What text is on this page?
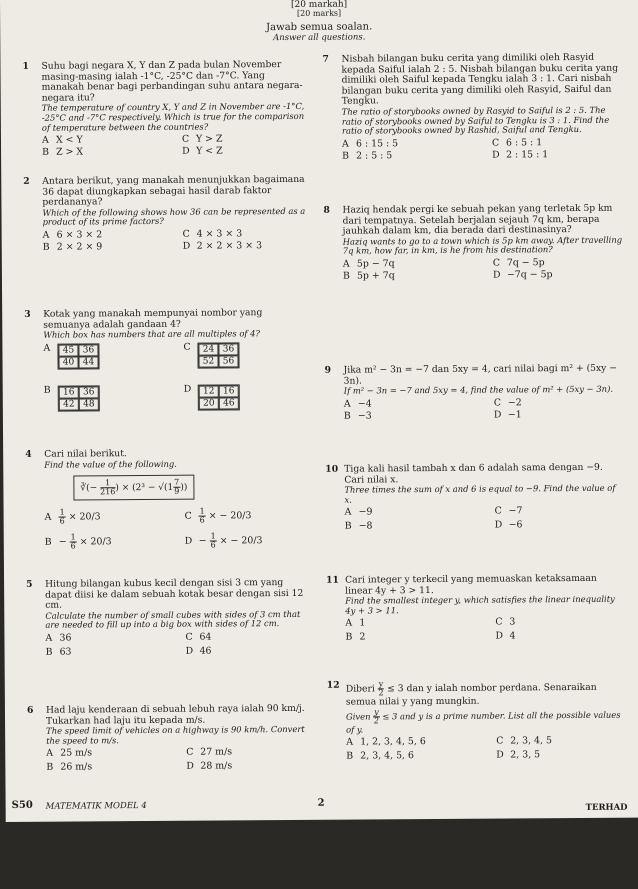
[20 markah]
[20 marks]
Jawab semua soalan.
Answer all questions.
1 Suhu bagi negara X, Y dan Z pada bulan November masing-masing ialah -1°C, -25°C dan -7°C. Yang manakah benar bagi perbandingan suhu antara negara-negara itu?
The temperature of country X, Y and Z in November are -1°C, -25°C and -7°C respectively. Which is true for the comparison of temperature between the countries?
A X < Y
B Z > X
C Y > Z
D Y < Z
2 Antara berikut, yang manakah menunjukkan bagaimana 36 dapat diungkapkan sebagai hasil darab faktor perdananya?
Which of the following shows how 36 can be represented as a product of its prime factors?
A 6 × 3 × 2
B 2 × 2 × 9
C 4 × 3 × 3
D 2 × 2 × 3 × 3
3 Kotak yang manakah mempunyai nombor yang semuanya adalah gandaan 4?
Which box has numbers that are all multiples of 4?
A	45 36
40 44
C	24 36
52 56
B	16 36
42 48
D	12 16
20 46
4 Cari nilai berikut.
Find the value of the following.
∛(− $\frac{1}{216}$ ) × ($2^3 - √(1 \frac{7}{9}$ ))
A $\frac{1}{6} \times 20/3$
$B - \frac{1}{6} \times 20/3$
C $\frac{1}{6}$ × − 20/3
$D - \frac{1}{6}$ × − 20/3
5 Hitung bilangan kubus kecil dengan sisi 3 cm yang dapat diisi ke dalam sebuah kotak besar dengan sisi 12 cm.
Calculate the number of small cubes with sides of 3 cm that are needed to fill up into a big box with sides of 12 cm.
A 36
B 63
C 64
D 46
6 Had laju kenderaan di sebuah lebuh raya ialah 90 km/j. Tukarkan had laju itu kepada m/s.
The speed limit of vehicles on a highway is 90 km/h. Convert the speed to m/s.
A 25 m/s
B 26 m/s
C 27 m/s
D 28 m/s
7 Nisbah bilangan buku cerita yang dimiliki oleh Rasyid kepada Saiful ialah 2 : 5. Nisbah bilangan buku cerita yang dimiliki oleh Saiful kepada Tengku ialah 3 : 1. Cari nisbah bilangan buku cerita yang dimiliki oleh Rasyid, Saiful dan Tengku.
The ratio of storybooks owned by Rasyid to Saiful is 2 : 5. The ratio of storybooks owned by Saiful to Tengku is 3 : 1. Find the ratio of storybooks owned by Rashid, Saiful and Tengku.
A 6 : 15 : 5
B 2 : 5 : 5
C 6 : 5 : 1
D 2 : 15 : 1
8 Haziq hendak pergi ke sebuah pekan yang terletak 5p km dari tempatnya. Setelah berjalan sejauh 7q km, berapa jauhkah dalam km, dia berada dari destinasinya?
Haziq wants to go to a town which is 5p km away. After travelling 7q km, how far, in km, is he from his destination?
A 5p − 7q
B 5p + 7q
C 7q − 5p
D −7q − 5p
9 Jika m² − 3n = −7 dan 5xy = 4, cari nilai bagi m² + (5xy − 3n).
If m² − 3n = −7 and 5xy = 4, find the value of m² + (5xy − 3n).
A −4
B −3
C −2
D −1
10 Tiga kali hasil tambah x dan 6 adalah sama dengan −9. Cari nilai x.
Three times the sum of x and 6 is equal to −9. Find the value of x.
A −9
B −8
C −7
D −6
11 Cari integer y terkecil yang memuaskan ketaksamaan linear 4y + 3 > 11.
Find the smallest integer y, which satisfies the linear inequality 4y + 3 > 11.
A 1
B 2
C 3
D 4
12 Diberi $\frac{y}{2} \le 3$ dan y ialah nombor perdana. Senaraikan semua nilai y yang mungkin.
Given $\frac{y}{2} \le 3$ and y is a prime number. List all the possible values of y.
A 1, 2, 3, 4, 5, 6
B 2, 3, 4, 5, 6
C 2, 3, 4, 5
D 2, 3, 5
S50 MATEMATIK MODEL 4	2	TERHAD
